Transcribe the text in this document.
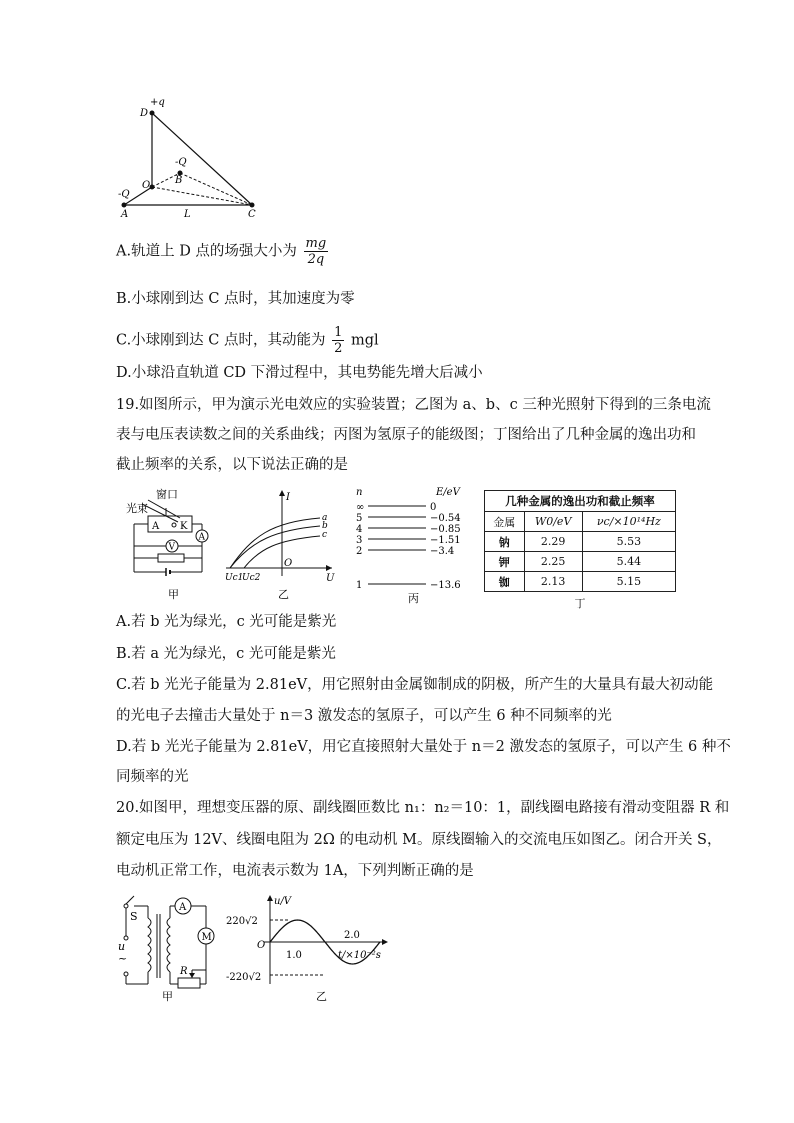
+q
D
-Q
B
O
-Q
A	L	C
A.轨道上 D 点的场强大小为 $\frac{mg}{2q}$
B.小球刚到达 C 点时，其加速度为零
C.小球刚到达 C 点时，其动能为 $\frac{1}{2}$ mgl
D.小球沿直轨道 CD 下滑过程中，其电势能先增大后减小
19.如图所示，甲为演示光电效应的实验装置；乙图为 a、b、c 三种光照射下得到的三条电流
表与电压表读数之间的关系曲线；丙图为氢原子的能级图；丁图给出了几种金属的逸出功和
截止频率的关系，以下说法正确的是
窗口
光束
A K
A
V
甲
I
U
O
a
b
c
Uc1
Uc2
乙
n	E/eV
∞	0
5	−0.54
4	−0.85
3	−1.51
2	−3.4
1	−13.6
丙
几种金属的逸出功和截止频率
金属	W0/eV	νc/×10¹⁴Hz
钠	2.29	5.53
钾	2.25	5.44
铷	2.13	5.15
丁
A.若 b 光为绿光，c 光可能是紫光
B.若 a 光为绿光，c 光可能是紫光
C.若 b 光光子能量为 2.81eV，用它照射由金属铷制成的阴极，所产生的大量具有最大初动能
的光电子去撞击大量处于 n＝3 激发态的氢原子，可以产生 6 种不同频率的光
D.若 b 光光子能量为 2.81eV，用它直接照射大量处于 n＝2 激发态的氢原子，可以产生 6 种不
同频率的光
20.如图甲，理想变压器的原、副线圈匝数比 n₁：n₂＝10：1，副线圈电路接有滑动变阻器 R 和
额定电压为 12V、线圈电阻为 2Ω 的电动机 M。原线圈输入的交流电压如图乙。闭合开关 S，
电动机正常工作，电流表示数为 1A，下列判断正确的是
S
u
~
A
M
R
甲
u/V
220√2
-220√2
O
1.0
2.0
t/×10⁻²s
乙
